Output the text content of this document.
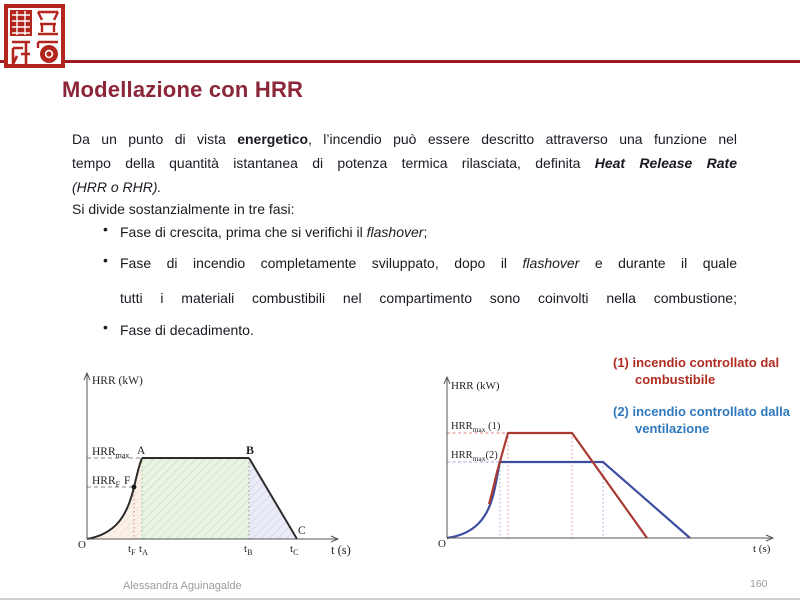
Modellazione con HRR
Da un punto di vista energetico, l’incendio può essere descritto attraverso una funzione nel
tempo della quantità istantanea di potenza termica rilasciata, definita Heat Release Rate
(HRR o RHR).
Si divide sostanzialmente in tre fasi:
• Fase di crescita, prima che si verifichi il flashover;
• Fase di incendio completamente sviluppato, dopo il flashover e durante il quale
tutti i materiali combustibili nel compartimento sono coinvolti nella combustione;
• Fase di decadimento.
HRR (kW)
$HRR_{max}$ A
$HRR_F$ F
B
C
O	$t_F$ $t_A$	$t_B$	$t_C$	t (s)
HRR (kW)
$HRR_{max}$ (1)
$HRR_{max}(2)$
O	t (s)
(1) incendio controllato dal
combustibile
(2) incendio controllato dalla
ventilazione
Alessandra Aguinagalde	160
